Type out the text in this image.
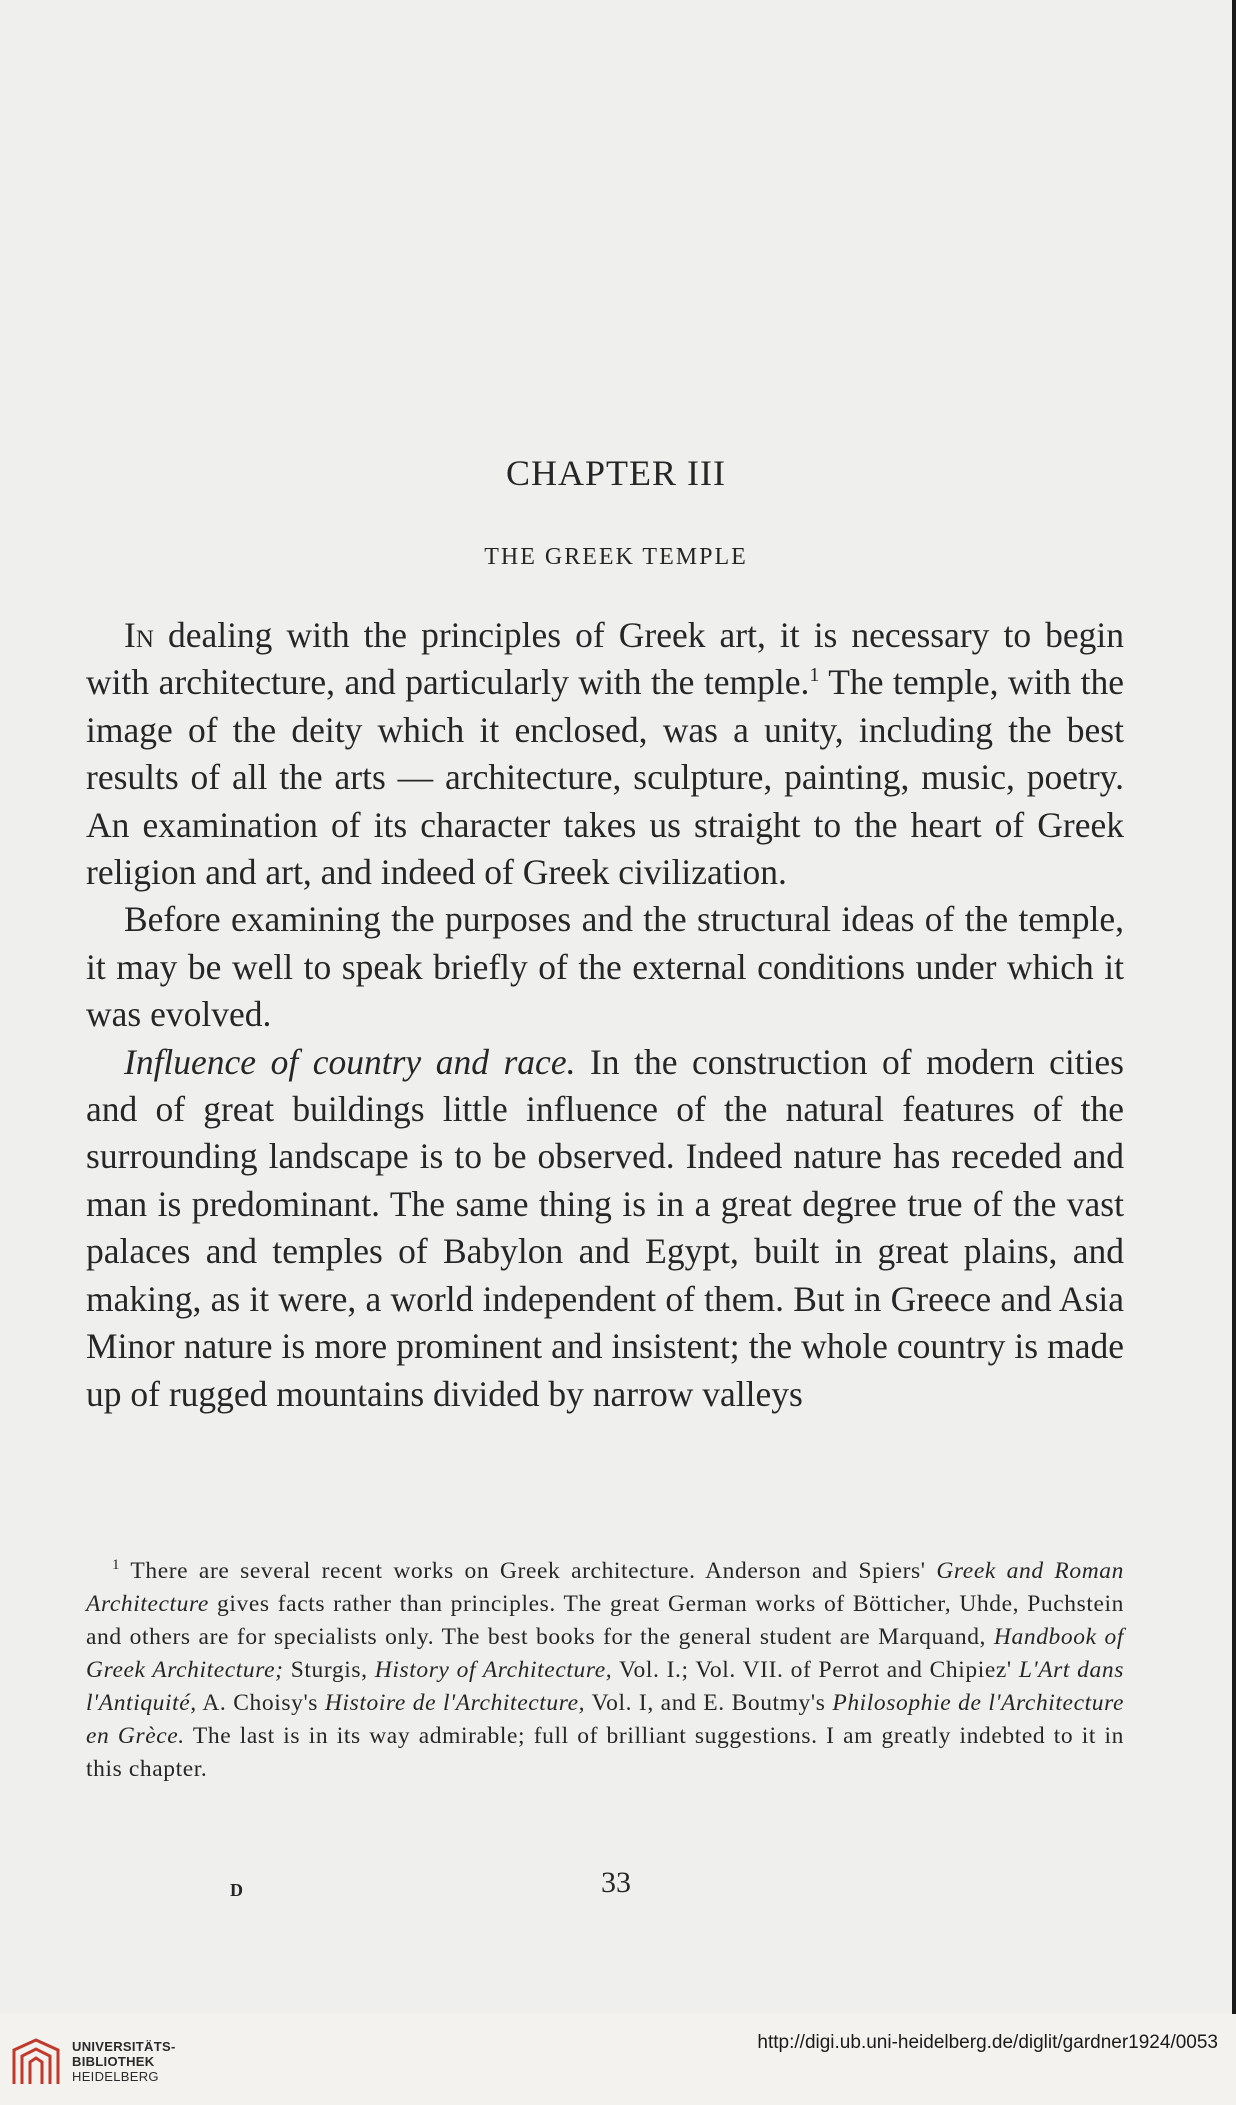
CHAPTER III
THE GREEK TEMPLE

In dealing with the principles of Greek art, it is necessary to begin with architecture, and particularly with the temple.$^1$ The temple, with the image of the deity which it enclosed, was a unity, including the best results of all the arts — architecture, sculpture, painting, music, poetry. An examination of its character takes us straight to the heart of Greek religion and art, and indeed of Greek civilization.

Before examining the purposes and the structural ideas of the temple, it may be well to speak briefly of the external conditions under which it was evolved.

Influence of country and race. In the construction of modern cities and of great buildings little influence of the natural features of the surrounding landscape is to be observed. Indeed nature has receded and man is predominant. The same thing is in a great degree true of the vast palaces and temples of Babylon and Egypt, built in great plains, and making, as it were, a world independent of them. But in Greece and Asia Minor nature is more prominent and insistent; the whole country is made up of rugged mountains divided by narrow valleys

$^1$ There are several recent works on Greek architecture. Anderson and Spiers' Greek and Roman Architecture gives facts rather than principles. The great German works of Bötticher, Uhde, Puchstein and others are for specialists only. The best books for the general student are Marquand, Handbook of Greek Architecture; Sturgis, History of Architecture, Vol. I.; Vol. VII. of Perrot and Chipiez' L'Art dans l'Antiquité, A. Choisy's Histoire de l'Architecture, Vol. I, and E. Boutmy's Philosophie de l'Architecture en Grèce. The last is in its way admirable; full of brilliant suggestions. I am greatly indebted to it in this chapter.

D	33
UNIVERSITÄTS-
BIBLIOTHEK
HEIDELBERG
http://digi.ub.uni-heidelberg.de/diglit/gardner1924/0053
